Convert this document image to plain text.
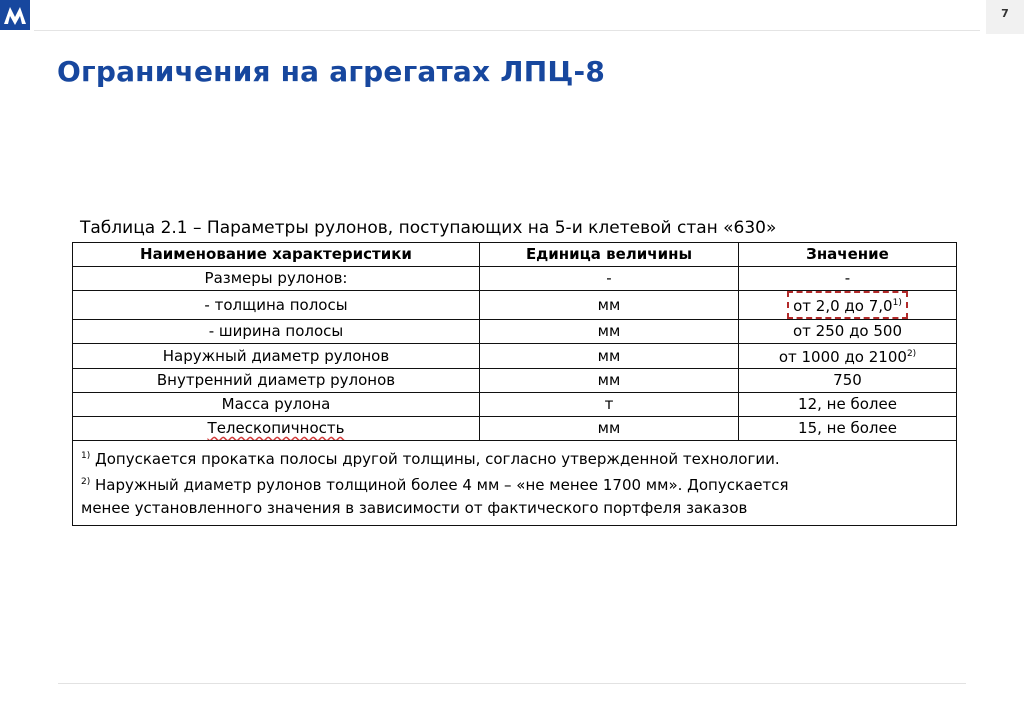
7
Ограничения на агрегатах ЛПЦ-8
Таблица 2.1 – Параметры рулонов, поступающих на 5-и клетевой стан «630»
Наименование характеристики	Единица величины	Значение
Размеры рулонов:	-	-
- толщина полосы	мм	от 2,0 до 7,0$^{1)}$
- ширина полосы	мм	от 250 до 500
Наружный диаметр рулонов	мм	от 1000 до 2100$^{2)}$
Внутренний диаметр рулонов	мм	750
Масса рулона	т	12, не более
Телескопичность	мм	15, не более

$^{1)}$ Допускается прокатка полосы другой толщины, согласно утвержденной технологии.
$^{2)}$ Наружный диаметр рулонов толщиной более 4 мм – «не менее 1700 мм». Допускается
менее установленного значения в зависимости от фактического портфеля заказов		
